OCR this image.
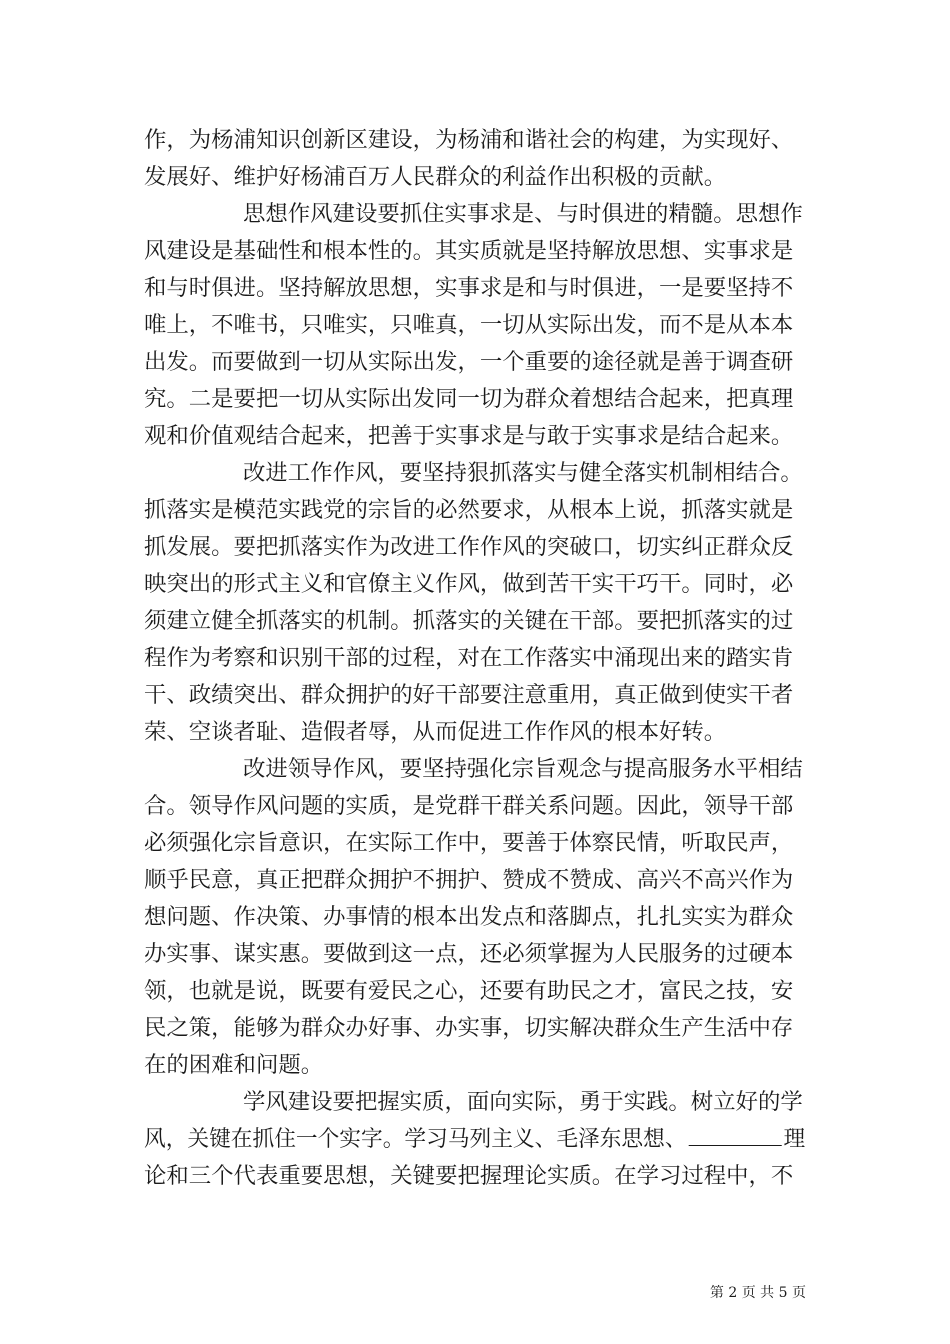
作，为杨浦知识创新区建设，为杨浦和谐社会的构建，为实现好、
发展好、维护好杨浦百万人民群众的利益作出积极的贡献。
思想作风建设要抓住实事求是、与时俱进的精髓。思想作
风建设是基础性和根本性的。其实质就是坚持解放思想、实事求是
和与时俱进。坚持解放思想，实事求是和与时俱进，一是要坚持不
唯上，不唯书，只唯实，只唯真，一切从实际出发，而不是从本本
出发。而要做到一切从实际出发，一个重要的途径就是善于调查研
究。二是要把一切从实际出发同一切为群众着想结合起来，把真理
观和价值观结合起来，把善于实事求是与敢于实事求是结合起来。
改进工作作风，要坚持狠抓落实与健全落实机制相结合。
抓落实是模范实践党的宗旨的必然要求，从根本上说，抓落实就是
抓发展。要把抓落实作为改进工作作风的突破口，切实纠正群众反
映突出的形式主义和官僚主义作风，做到苦干实干巧干。同时，必
须建立健全抓落实的机制。抓落实的关键在干部。要把抓落实的过
程作为考察和识别干部的过程，对在工作落实中涌现出来的踏实肯
干、政绩突出、群众拥护的好干部要注意重用，真正做到使实干者
荣、空谈者耻、造假者辱，从而促进工作作风的根本好转。
改进领导作风，要坚持强化宗旨观念与提高服务水平相结
合。领导作风问题的实质，是党群干群关系问题。因此，领导干部
必须强化宗旨意识，在实际工作中，要善于体察民情，听取民声，
顺乎民意，真正把群众拥护不拥护、赞成不赞成、高兴不高兴作为
想问题、作决策、办事情的根本出发点和落脚点，扎扎实实为群众
办实事、谋实惠。要做到这一点，还必须掌握为人民服务的过硬本
领，也就是说，既要有爱民之心，还要有助民之才，富民之技，安
民之策，能够为群众办好事、办实事，切实解决群众生产生活中存
在的困难和问题。
学风建设要把握实质，面向实际，勇于实践。树立好的学
风，关键在抓住一个实字。学习马列主义、毛泽东思想、	理
论和三个代表重要思想，关键要把握理论实质。在学习过程中，不
第 2 页 共 5 页
